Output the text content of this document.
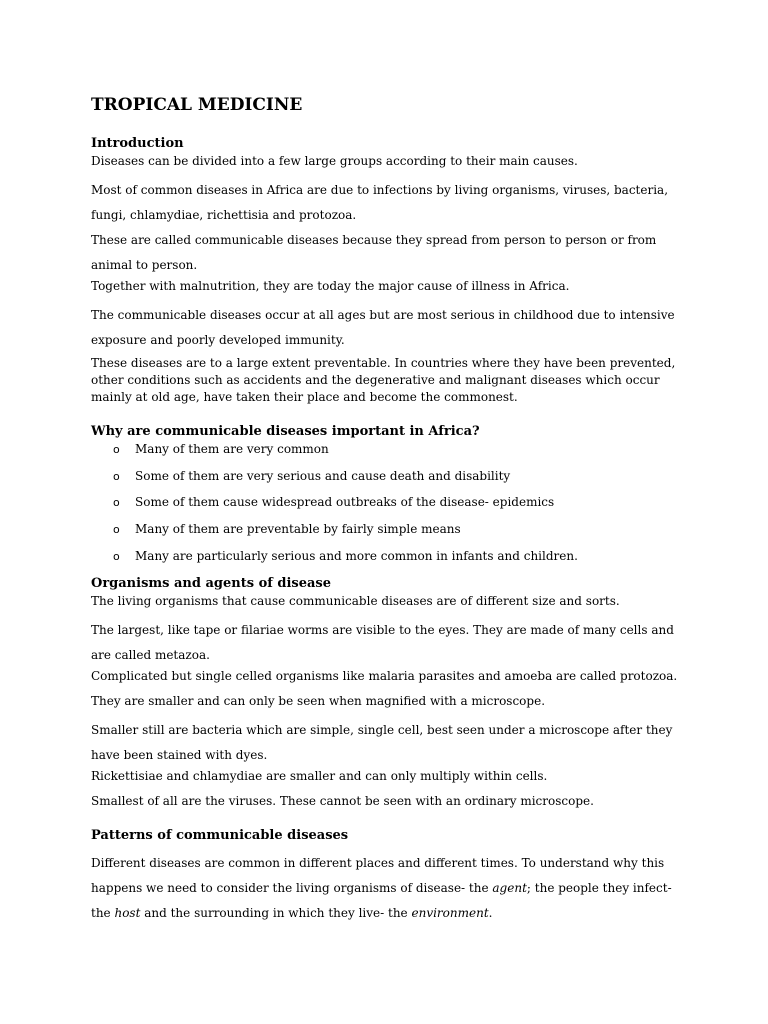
TROPICAL MEDICINE
Introduction

Diseases can be divided into a few large groups according to their main causes.

Most of common diseases in Africa are due to infections by living organisms, viruses, bacteria, fungi, chlamydiae, richettisia and protozoa.

These are called communicable diseases because they spread from person to person or from animal to person.

Together with malnutrition, they are today the major cause of illness in Africa.

The communicable diseases occur at all ages but are most serious in childhood due to intensive exposure and poorly developed immunity.

These diseases are to a large extent preventable. In countries where they have been prevented, other conditions such as accidents and the degenerative and malignant diseases which occur mainly at old age, have taken their place and become the commonest.

Why are communicable diseases important in Africa?
o Many of them are very common
o Some of them are very serious and cause death and disability
o Some of them cause widespread outbreaks of the disease- epidemics
o Many of them are preventable by fairly simple means
o Many are particularly serious and more common in infants and children.
Organisms and agents of disease

The living organisms that cause communicable diseases are of different size and sorts.

The largest, like tape or filariae worms are visible to the eyes. They are made of many cells and are called metazoa.

Complicated but single celled organisms like malaria parasites and amoeba are called protozoa.

They are smaller and can only be seen when magnified with a microscope.

Smaller still are bacteria which are simple, single cell, best seen under a microscope after they have been stained with dyes.

Rickettisiae and chlamydiae are smaller and can only multiply within cells.

Smallest of all are the viruses. These cannot be seen with an ordinary microscope.

Patterns of communicable diseases

Different diseases are common in different places and different times. To understand why this happens we need to consider the living organisms of disease- the agent; the people they infect-the host and the surrounding in which they live- the environment.
